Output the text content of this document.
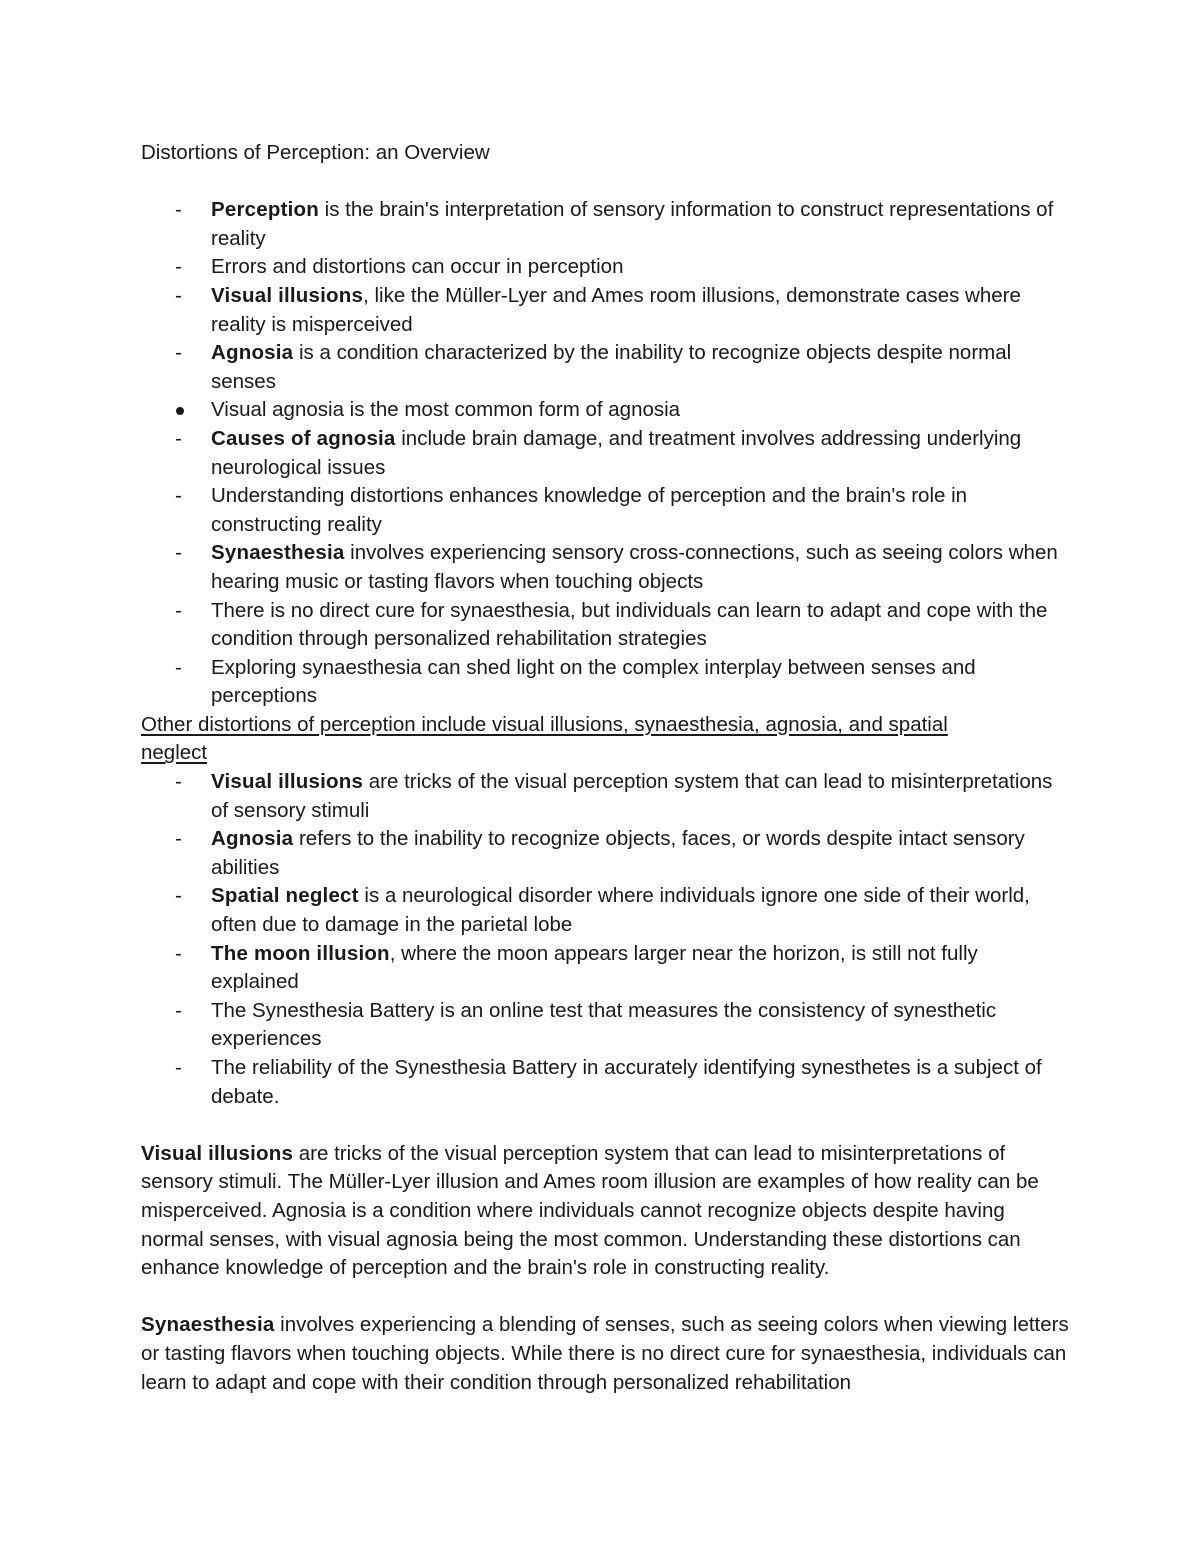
Distortions of Perception: an Overview
-	Perception is the brain's interpretation of sensory information to construct representations of reality
-	Errors and distortions can occur in perception
-	Visual illusions, like the Müller-Lyer and Ames room illusions, demonstrate cases where reality is misperceived
-	Agnosia is a condition characterized by the inability to recognize objects despite normal senses
Visual agnosia is the most common form of agnosia
-	Causes of agnosia include brain damage, and treatment involves addressing underlying neurological issues
-	Understanding distortions enhances knowledge of perception and the brain's role in constructing reality
-	Synaesthesia involves experiencing sensory cross-connections, such as seeing colors when hearing music or tasting flavors when touching objects
-	There is no direct cure for synaesthesia, but individuals can learn to adapt and cope with the condition through personalized rehabilitation strategies
-	Exploring synaesthesia can shed light on the complex interplay between senses and perceptions
Other distortions of perception include visual illusions, synaesthesia, agnosia, and spatial neglect
-	Visual illusions are tricks of the visual perception system that can lead to misinterpretations of sensory stimuli
-	Agnosia refers to the inability to recognize objects, faces, or words despite intact sensory abilities
-	Spatial neglect is a neurological disorder where individuals ignore one side of their world, often due to damage in the parietal lobe
-	The moon illusion, where the moon appears larger near the horizon, is still not fully explained
-	The Synesthesia Battery is an online test that measures the consistency of synesthetic experiences
-	The reliability of the Synesthesia Battery in accurately identifying synesthetes is a subject of debate.

Visual illusions are tricks of the visual perception system that can lead to misinterpretations of sensory stimuli. The Müller-Lyer illusion and Ames room illusion are examples of how reality can be misperceived. Agnosia is a condition where individuals cannot recognize objects despite having normal senses, with visual agnosia being the most common. Understanding these distortions can enhance knowledge of perception and the brain's role in constructing reality.

Synaesthesia involves experiencing a blending of senses, such as seeing colors when viewing letters or tasting flavors when touching objects. While there is no direct cure for synaesthesia, individuals can learn to adapt and cope with their condition through personalized rehabilitation
